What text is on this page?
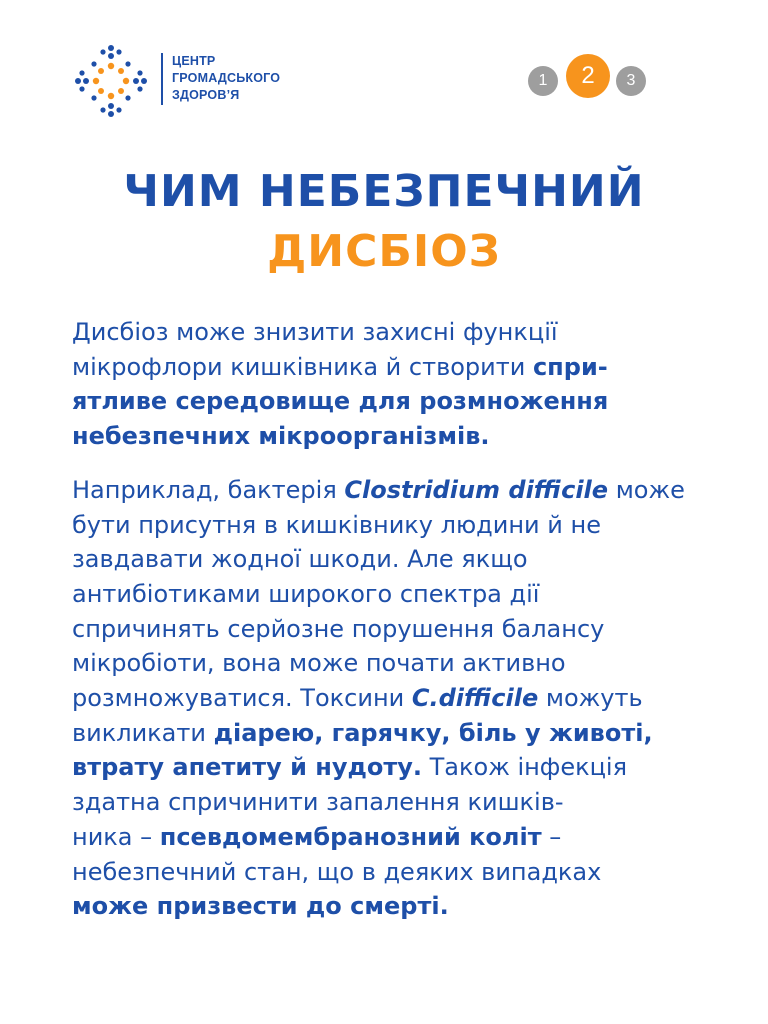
ЦЕНТР
ГРОМАДСЬКОГО
ЗДОРОВ’Я

1	2	3
ЧИМ НЕБЕЗПЕЧНИЙ
ДИСБІОЗ

Дисбіоз може знизити захисні функції
мікрофлори кишківника й створити спри-
ятливе середовище для розмноження
небезпечних мікроорганізмів.

Наприклад, бактерія Clostridium difficile може
бути присутня в кишківнику людини й не
завдавати жодної шкоди. Але якщо
антибіотиками широкого спектра дії
спричинять серйозне порушення балансу
мікробіоти, вона може почати активно
розмножуватися. Токсини C.difficile можуть
викликати діарею, гарячку, біль у животі,
втрату апетиту й нудоту. Також інфекція
здатна спричинити запалення кишків-
ника – псевдомембранозний коліт –
небезпечний стан, що в деяких випадках
може призвести до смерті.
